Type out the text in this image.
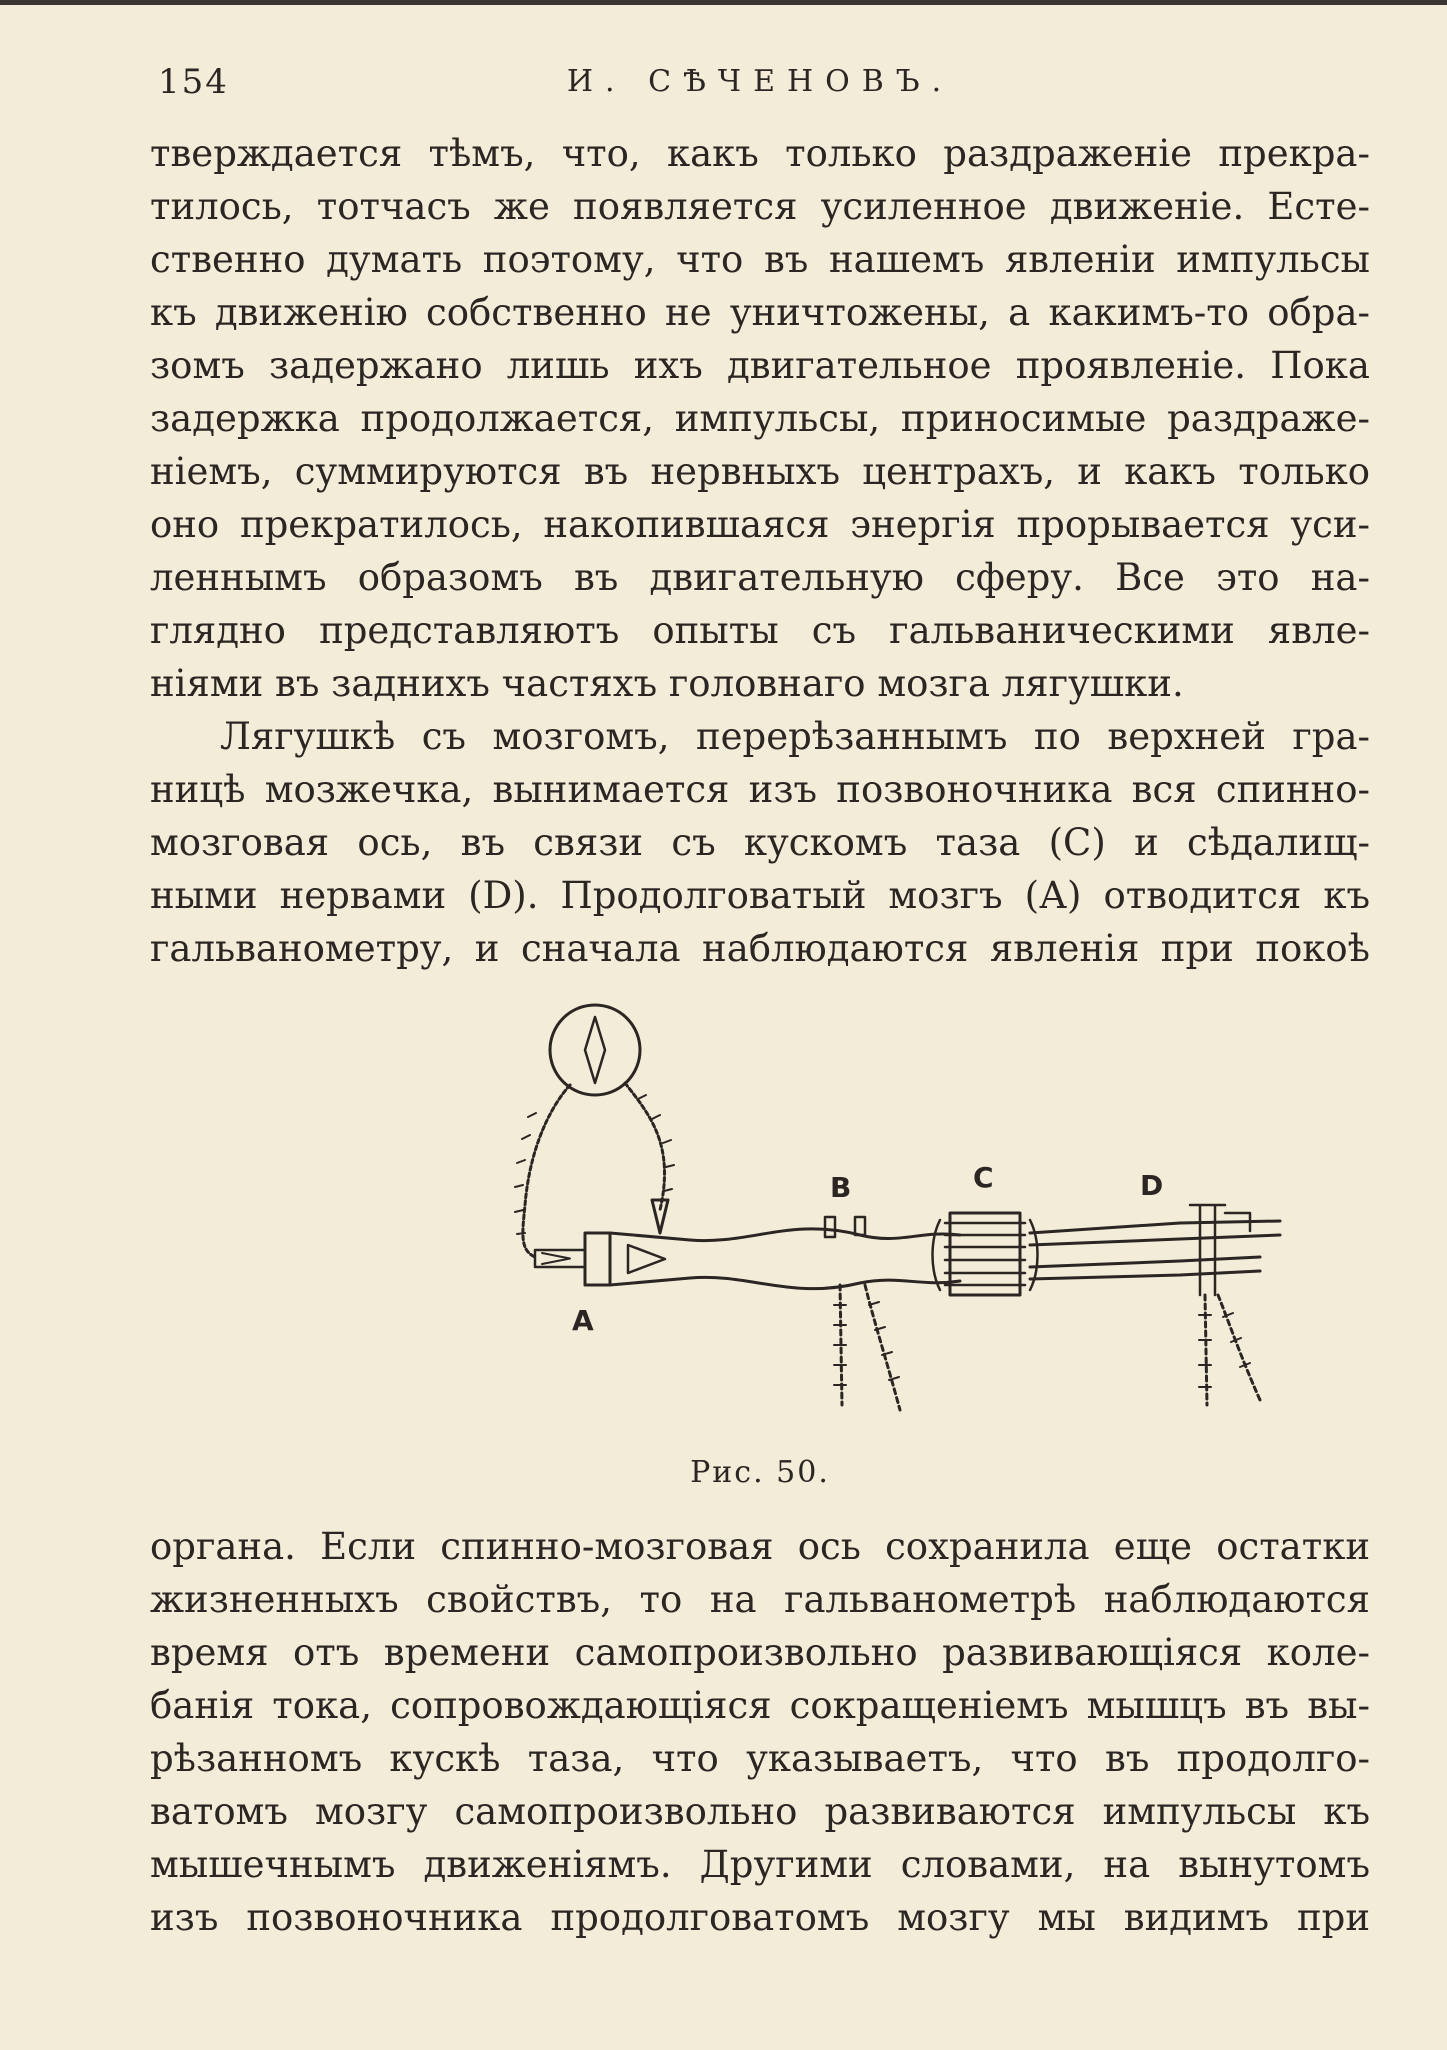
154	И. СѢЧЕНОВЪ.
тверждается тѣмъ, что, какъ только раздраженіе прекра-
тилось, тотчасъ же появляется усиленное движеніе. Есте-
ственно думать поэтому, что въ нашемъ явленіи импульсы
къ движенію собственно не уничтожены, а какимъ-то обра-
зомъ задержано лишь ихъ двигательное проявленіе. Пока
задержка продолжается, импульсы, приносимые раздраже-
ніемъ, суммируются въ нервныхъ центрахъ, и какъ только
оно прекратилось, накопившаяся энергія прорывается уси-
леннымъ образомъ въ двигательную сферу. Все это на-
глядно представляютъ опыты съ гальваническими явле-
ніями въ заднихъ частяхъ головнаго мозга лягушки.
Лягушкѣ съ мозгомъ, перерѣзаннымъ по верхней гра-
ницѣ мозжечка, вынимается изъ позвоночника вся спинно-
мозговая ось, въ связи съ кускомъ таза (С) и сѣдалищ-
ными нервами (D). Продолговатый мозгъ (А) отводится къ
гальванометру, и сначала наблюдаются явленія при покоѣ
A
B	C	D
Рис. 50.
органа. Если спинно-мозговая ось сохранила еще остатки
жизненныхъ свойствъ, то на гальванометрѣ наблюдаются
время отъ времени самопроизвольно развивающіяся коле-
банія тока, сопровождающіяся сокращеніемъ мышцъ въ вы-
рѣзанномъ кускѣ таза, что указываетъ, что въ продолго-
ватомъ мозгу самопроизвольно развиваются импульсы къ
мышечнымъ движеніямъ. Другими словами, на вынутомъ
изъ позвоночника продолговатомъ мозгу мы видимъ при
